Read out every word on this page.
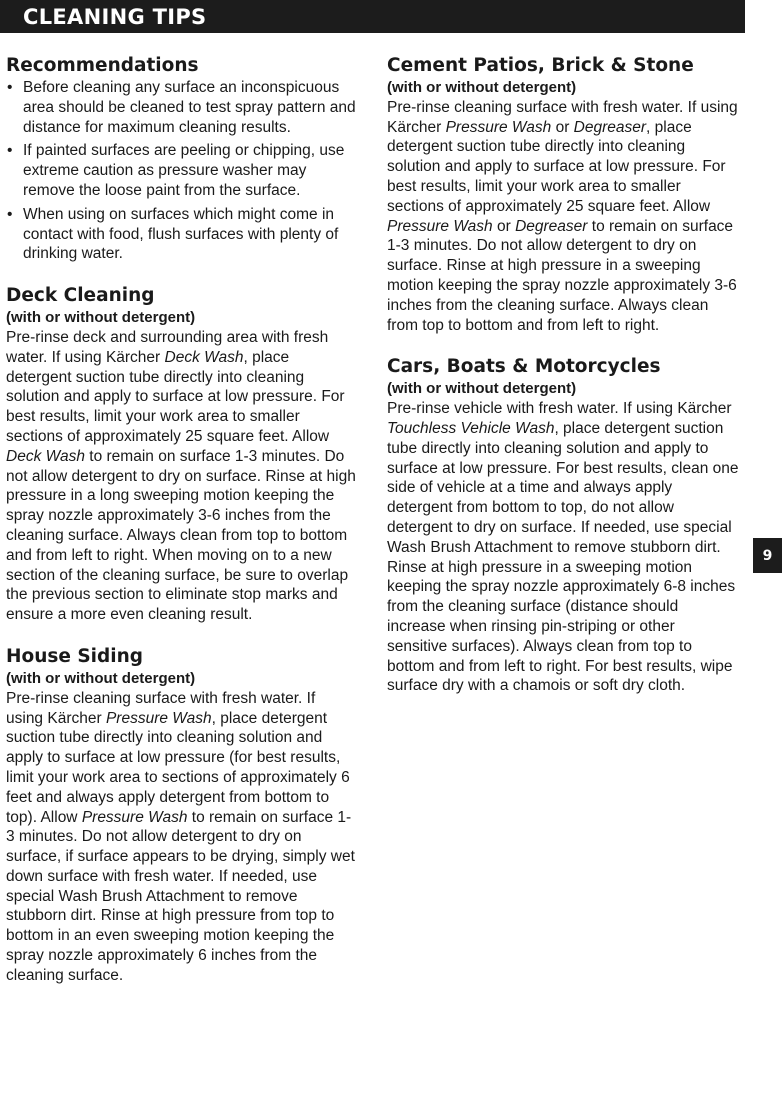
CLEANING TIPS
Recommendations
• Before cleaning any surface an inconspicuous area should be cleaned to test spray pattern and distance for maximum cleaning results.
• If painted surfaces are peeling or chipping, use extreme caution as pressure washer may remove the loose paint from the surface.
• When using on surfaces which might come in contact with food, flush surfaces with plenty of drinking water.
Deck Cleaning

(with or without detergent)

Pre-rinse deck and surrounding area with fresh water. If using Kärcher Deck Wash, place detergent suction tube directly into cleaning solution and apply to surface at low pressure. For best results, limit your work area to smaller sections of approximately 25 square feet. Allow Deck Wash to remain on surface 1-3 minutes. Do not allow detergent to dry on surface. Rinse at high pressure in a long sweeping motion keeping the spray nozzle approximately 3-6 inches from the cleaning surface. Always clean from top to bottom and from left to right. When moving on to a new section of the cleaning surface, be sure to overlap the previous section to eliminate stop marks and ensure a more even cleaning result.

House Siding

(with or without detergent)

Pre-rinse cleaning surface with fresh water. If using Kärcher Pressure Wash, place detergent suction tube directly into cleaning solution and apply to surface at low pressure (for best results, limit your work area to sections of approximately 6 feet and always apply detergent from bottom to top). Allow Pressure Wash to remain on surface 1-3 minutes. Do not allow detergent to dry on surface, if surface appears to be drying, simply wet down surface with fresh water. If needed, use special Wash Brush Attachment to remove stubborn dirt. Rinse at high pressure from top to bottom in an even sweeping motion keeping the spray nozzle approximately 6 inches from the cleaning surface.

Cement Patios, Brick & Stone

(with or without detergent)

Pre-rinse cleaning surface with fresh water. If using Kärcher Pressure Wash or Degreaser, place detergent suction tube directly into cleaning solution and apply to surface at low pressure. For best results, limit your work area to smaller sections of approximately 25 square feet. Allow Pressure Wash or Degreaser to remain on surface 1-3 minutes. Do not allow detergent to dry on surface. Rinse at high pressure in a sweeping motion keeping the spray nozzle approximately 3-6 inches from the cleaning surface. Always clean from top to bottom and from left to right.

Cars, Boats & Motorcycles

(with or without detergent)

Pre-rinse vehicle with fresh water. If using Kärcher Touchless Vehicle Wash, place detergent suction tube directly into cleaning solution and apply to surface at low pressure. For best results, clean one side of vehicle at a time and always apply detergent from bottom to top, do not allow detergent to dry on surface. If needed, use special Wash Brush Attachment to remove stubborn dirt. Rinse at high pressure in a sweeping motion keeping the spray nozzle approximately 6-8 inches from the cleaning surface (distance should increase when rinsing pin-striping or other sensitive surfaces). Always clean from top to bottom and from left to right. For best results, wipe surface dry with a chamois or soft dry cloth.

9
